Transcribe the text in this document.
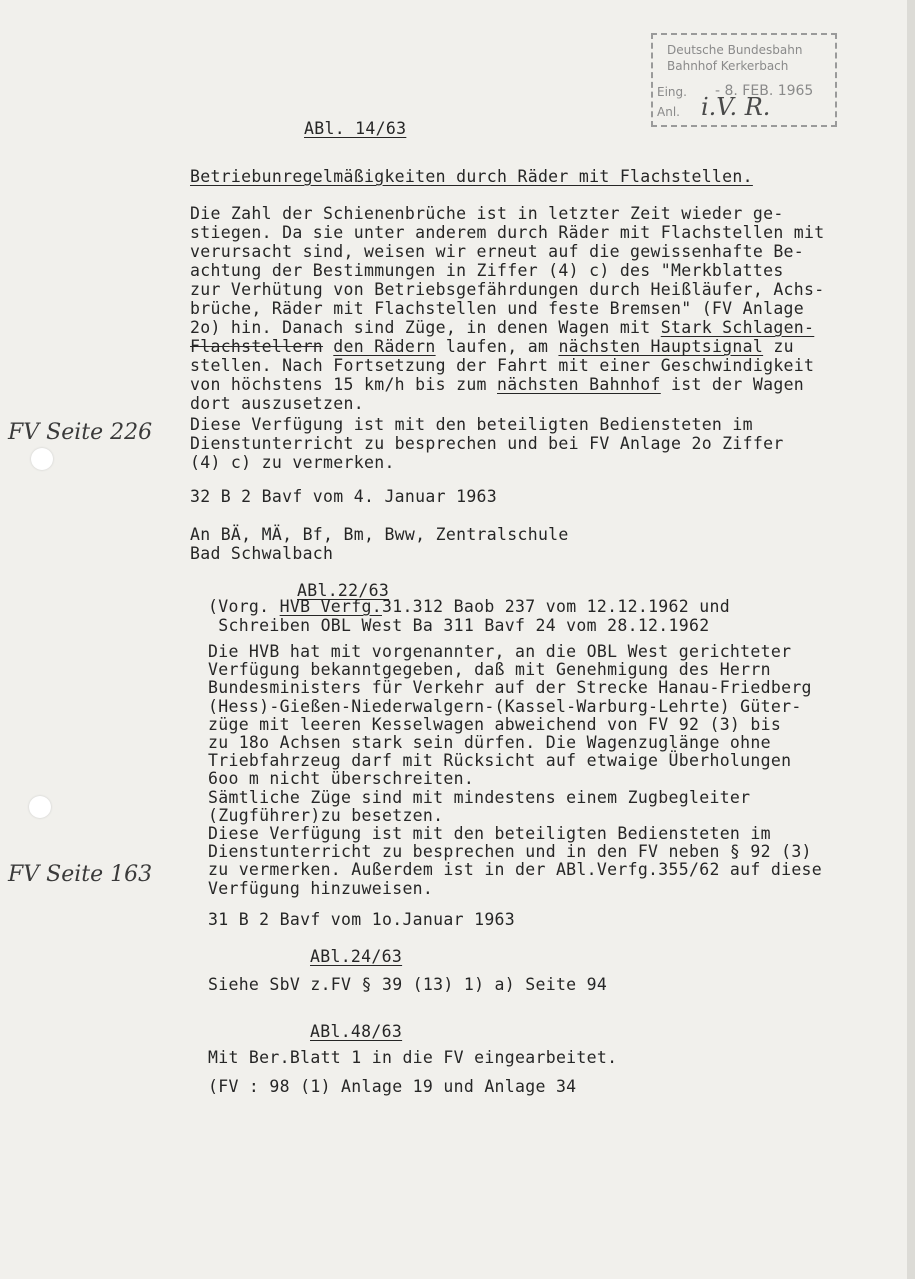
Deutsche Bundesbahn
Bahnhof Kerkerbach
Eing. - 8. FEB. 1965
Anl. i.V. R.
ABl. 14/63
Betriebunregelmäßigkeiten durch Räder mit Flachstellen.
Die Zahl der Schienenbrüche ist in letzter Zeit wieder ge-
stiegen. Da sie unter anderem durch Räder mit Flachstellen mit
verursacht sind, weisen wir erneut auf die gewissenhafte Be-
achtung der Bestimmungen in Ziffer (4) c) des "Merkblattes
zur Verhütung von Betriebsgefährdungen durch Heißläufer, Achs-
brüche, Räder mit Flachstellen und feste Bremsen" (FV Anlage
2o) hin. Danach sind Züge, in denen Wagen mit Stark Schlagen-
Flachstellern den Rädern laufen, am nächsten Hauptsignal zu
stellen. Nach Fortsetzung der Fahrt mit einer Geschwindigkeit
von höchstens 15 km/h bis zum nächsten Bahnhof ist der Wagen
dort auszusetzen.
Diese Verfügung ist mit den beteiligten Bediensteten im
Dienstunterricht zu besprechen und bei FV Anlage 2o Ziffer
(4) c) zu vermerken.
32 B 2 Bavf vom 4. Januar 1963
An BÄ, MÄ, Bf, Bm, Bww, Zentralschule
Bad Schwalbach
FV Seite 226
FV Seite 163
ABl.22/63
(Vorg. HVB Verfg.31.312 Baob 237 vom 12.12.1962 und
Schreiben OBL West Ba 311 Bavf 24 vom 28.12.1962
Die HVB hat mit vorgenannter, an die OBL West gerichteter
Verfügung bekanntgegeben, daß mit Genehmigung des Herrn
Bundesministers für Verkehr auf der Strecke Hanau-Friedberg
(Hess)-Gießen-Niederwalgern-(Kassel-Warburg-Lehrte) Güter-
züge mit leeren Kesselwagen abweichend von FV 92 (3) bis
zu 18o Achsen stark sein dürfen. Die Wagenzuglänge ohne
Triebfahrzeug darf mit Rücksicht auf etwaige Überholungen
6oo m nicht überschreiten.
Sämtliche Züge sind mit mindestens einem Zugbegleiter
(Zugführer)zu besetzen.
Diese Verfügung ist mit den beteiligten Bediensteten im
Dienstunterricht zu besprechen und in den FV neben § 92 (3)
zu vermerken. Außerdem ist in der ABl.Verfg.355/62 auf diese
Verfügung hinzuweisen.
31 B 2 Bavf vom 1o.Januar 1963
ABl.24/63
Siehe SbV z.FV § 39 (13) 1) a) Seite 94
ABl.48/63
Mit Ber.Blatt 1 in die FV eingearbeitet.
(FV : 98 (1) Anlage 19 und Anlage 34
